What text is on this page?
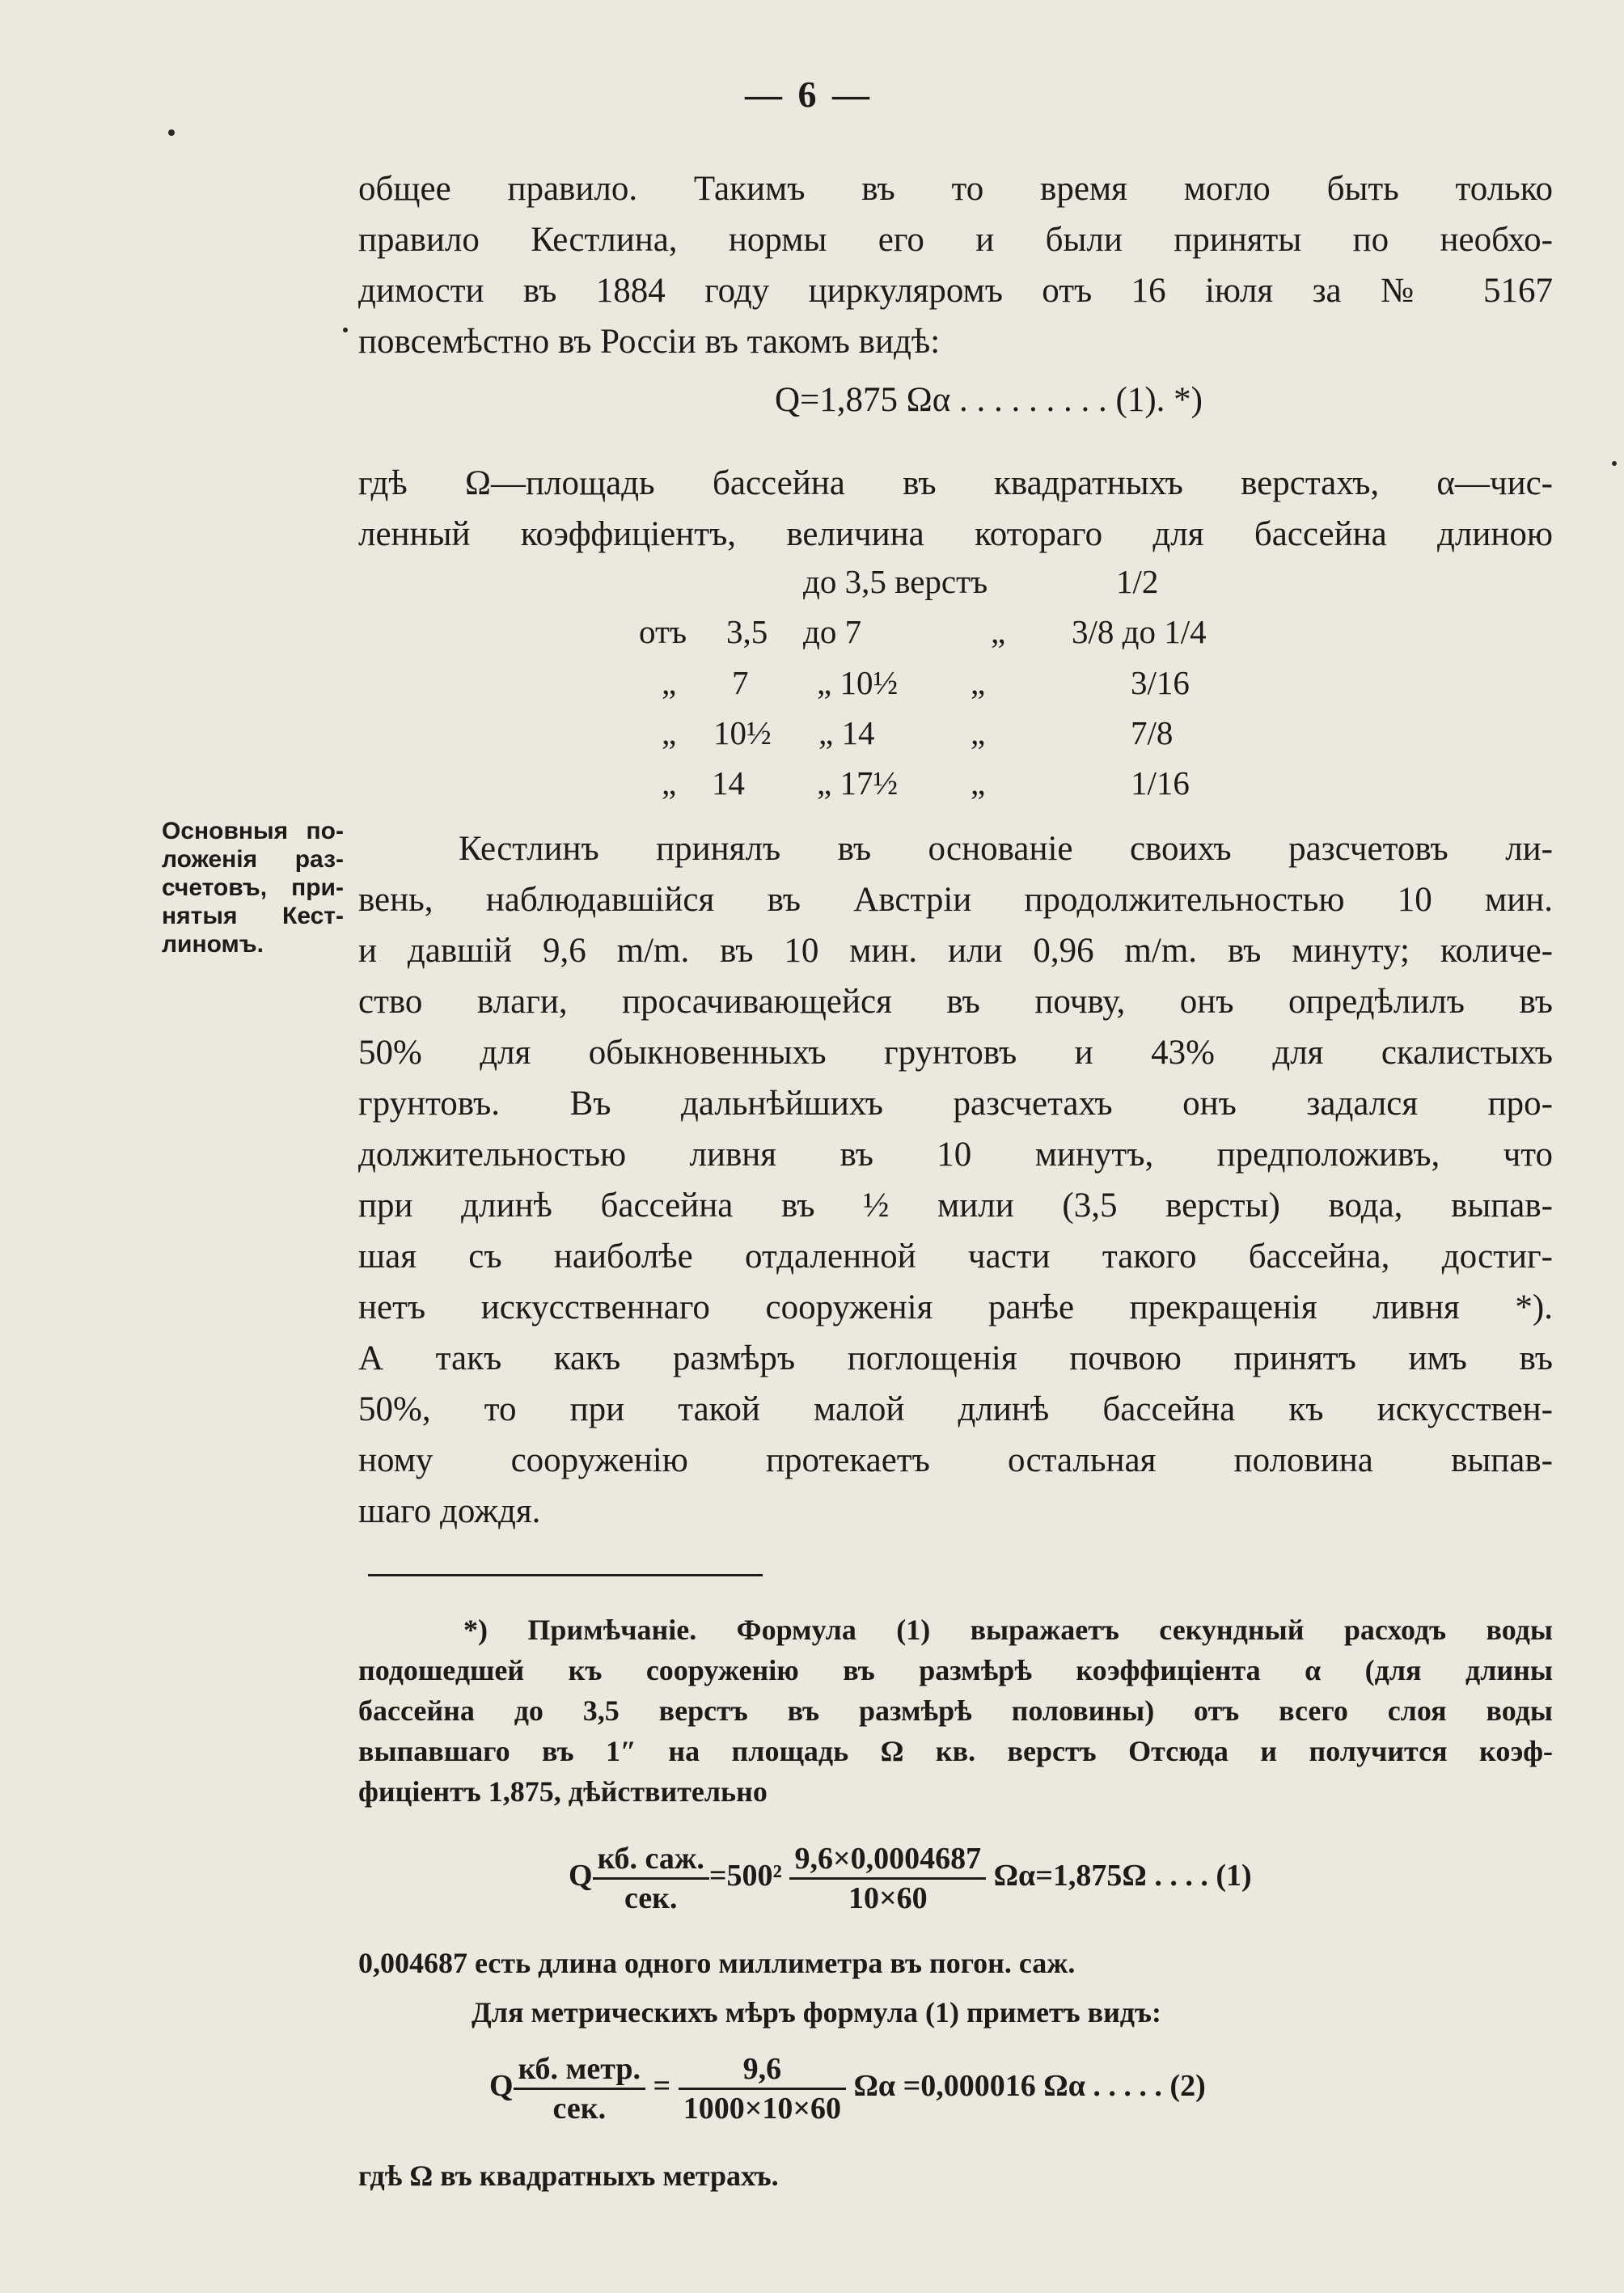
— 6 —
общее правило. Такимъ въ то время могло быть только
правило Кестлина, нормы его и были приняты по необхо-
димости въ 1884 году циркуляромъ отъ 16 іюля за № 5167
повсемѣстно въ Россіи въ такомъ видѣ:
Q=1,875 Ωα . . . . . . . . . (1). *)
гдѣ Ω—площадь бассейна въ квадратныхъ верстахъ, α—чис-
ленный коэффиціентъ, величина котораго для бассейна длиною
до 3,5 верстъ	1/2
отъ 3,5 до 7	„ 3/8 до 1/4
„ 7 „ 10½ „	3/16
„ 10½ „ 14	„	7/8
„ 14 „ 17½ „	1/16
Основныя по-
ложенія раз-
счетовъ, при-
нятыя Кест-
линомъ.
Кестлинъ принялъ въ основаніе своихъ разсчетовъ ли-
вень, наблюдавшійся въ Австріи продолжительностью 10 мин.
и давшій 9,6 m/m. въ 10 мин. или 0,96 m/m. въ минуту; количе-
ство влаги, просачивающейся въ почву, онъ опредѣлилъ въ
50% для обыкновенныхъ грунтовъ и 43% для скалистыхъ
грунтовъ. Въ дальнѣйшихъ разсчетахъ онъ задался про-
должительностью ливня въ 10 минутъ, предположивъ, что
при длинѣ бассейна въ ½ мили (3,5 версты) вода, выпав-
шая съ наиболѣе отдаленной части такого бассейна, достиг-
нетъ искусственнаго сооруженія ранѣе прекращенія ливня *).
А такъ какъ размѣръ поглощенія почвою принятъ имъ въ
50%, то при такой малой длинѣ бассейна къ искусствен-
ному сооруженію протекаетъ остальная половина выпав-
шаго дождя.
*) Примѣчаніе. Формула (1) выражаетъ секундный расходъ воды
подошедшей къ сооруженію въ размѣрѣ коэффиціента α (для длины
бассейна до 3,5 верстъ въ размѣрѣ половины) отъ всего слоя воды
выпавшаго въ 1″ на площадь Ω кв. верстъ Отсюда и получится коэф-
фиціентъ 1,875, дѣйствительно
Q $\frac{\text{кб. саж.}}{\text{сек.}} =500^2 \frac{9,6\times 0,0004687}{10\times 60} \Omega\alpha=1,875\Omega$ . . . . (1)
0,004687 есть длина одного миллиметра въ погон. саж.
Для метрическихъ мѣръ формула (1) приметъ видъ:
Q $\frac{\text{кб. метр.}}{\text{сек.}} = \frac{9,6}{1000\times 10\times 60}$ Ωα =0,000016 Ωα . . . . . (2)
гдѣ Ω въ квадратныхъ метрахъ.
